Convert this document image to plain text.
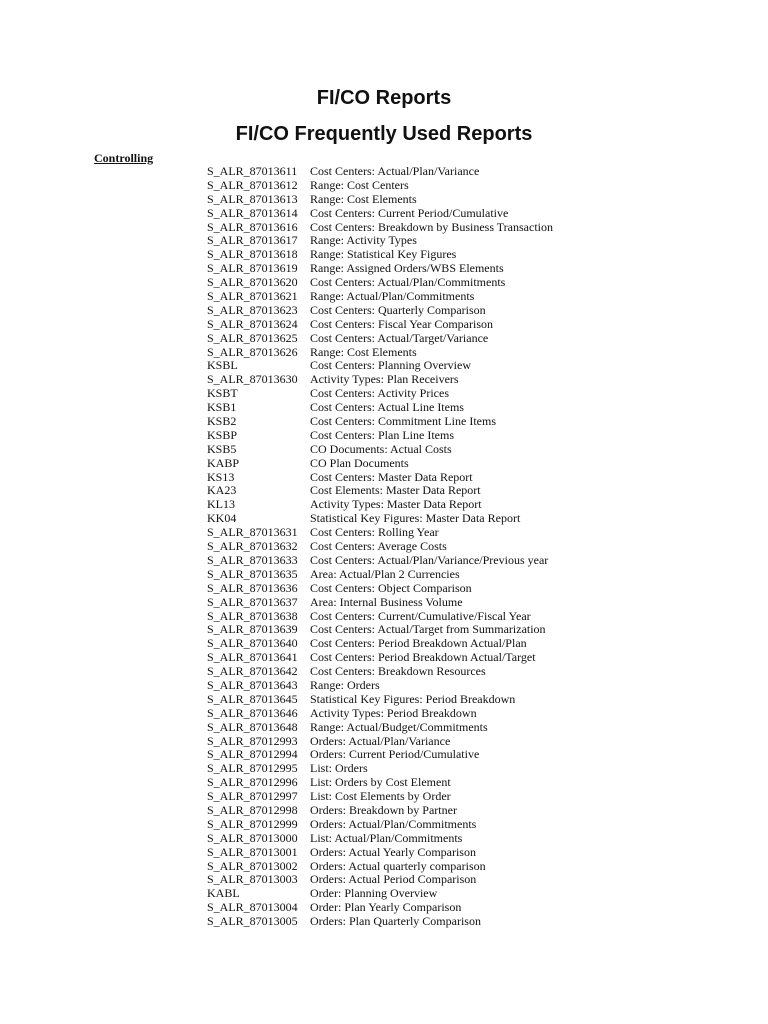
FI/CO Reports
FI/CO Frequently Used Reports
Controlling
S_ALR_87013611	Cost Centers: Actual/Plan/Variance
S_ALR_87013612	Range: Cost Centers
S_ALR_87013613	Range: Cost Elements
S_ALR_87013614	Cost Centers: Current Period/Cumulative
S_ALR_87013616	Cost Centers: Breakdown by Business Transaction
S_ALR_87013617	Range: Activity Types
S_ALR_87013618	Range: Statistical Key Figures
S_ALR_87013619	Range: Assigned Orders/WBS Elements
S_ALR_87013620	Cost Centers: Actual/Plan/Commitments
S_ALR_87013621	Range: Actual/Plan/Commitments
S_ALR_87013623	Cost Centers: Quarterly Comparison
S_ALR_87013624	Cost Centers: Fiscal Year Comparison
S_ALR_87013625	Cost Centers: Actual/Target/Variance
S_ALR_87013626	Range: Cost Elements
KSBL	Cost Centers: Planning Overview
S_ALR_87013630	Activity Types: Plan Receivers
KSBT	Cost Centers: Activity Prices
KSB1	Cost Centers: Actual Line Items
KSB2	Cost Centers: Commitment Line Items
KSBP	Cost Centers: Plan Line Items
KSB5	CO Documents: Actual Costs
KABP	CO Plan Documents
KS13	Cost Centers: Master Data Report
KA23	Cost Elements: Master Data Report
KL13	Activity Types: Master Data Report
KK04	Statistical Key Figures: Master Data Report
S_ALR_87013631	Cost Centers: Rolling Year
S_ALR_87013632	Cost Centers: Average Costs
S_ALR_87013633	Cost Centers: Actual/Plan/Variance/Previous year
S_ALR_87013635	Area: Actual/Plan 2 Currencies
S_ALR_87013636	Cost Centers: Object Comparison
S_ALR_87013637	Area: Internal Business Volume
S_ALR_87013638	Cost Centers: Current/Cumulative/Fiscal Year
S_ALR_87013639	Cost Centers: Actual/Target from Summarization
S_ALR_87013640	Cost Centers: Period Breakdown Actual/Plan
S_ALR_87013641	Cost Centers: Period Breakdown Actual/Target
S_ALR_87013642	Cost Centers: Breakdown Resources
S_ALR_87013643	Range: Orders
S_ALR_87013645	Statistical Key Figures: Period Breakdown
S_ALR_87013646	Activity Types: Period Breakdown
S_ALR_87013648	Range: Actual/Budget/Commitments
S_ALR_87012993	Orders: Actual/Plan/Variance
S_ALR_87012994	Orders: Current Period/Cumulative
S_ALR_87012995	List: Orders
S_ALR_87012996	List: Orders by Cost Element
S_ALR_87012997	List: Cost Elements by Order
S_ALR_87012998	Orders: Breakdown by Partner
S_ALR_87012999	Orders: Actual/Plan/Commitments
S_ALR_87013000	List: Actual/Plan/Commitments
S_ALR_87013001	Orders: Actual Yearly Comparison
S_ALR_87013002	Orders: Actual quarterly comparison
S_ALR_87013003	Orders: Actual Period Comparison
KABL	Order: Planning Overview
S_ALR_87013004	Order: Plan Yearly Comparison
S_ALR_87013005	Orders: Plan Quarterly Comparison
